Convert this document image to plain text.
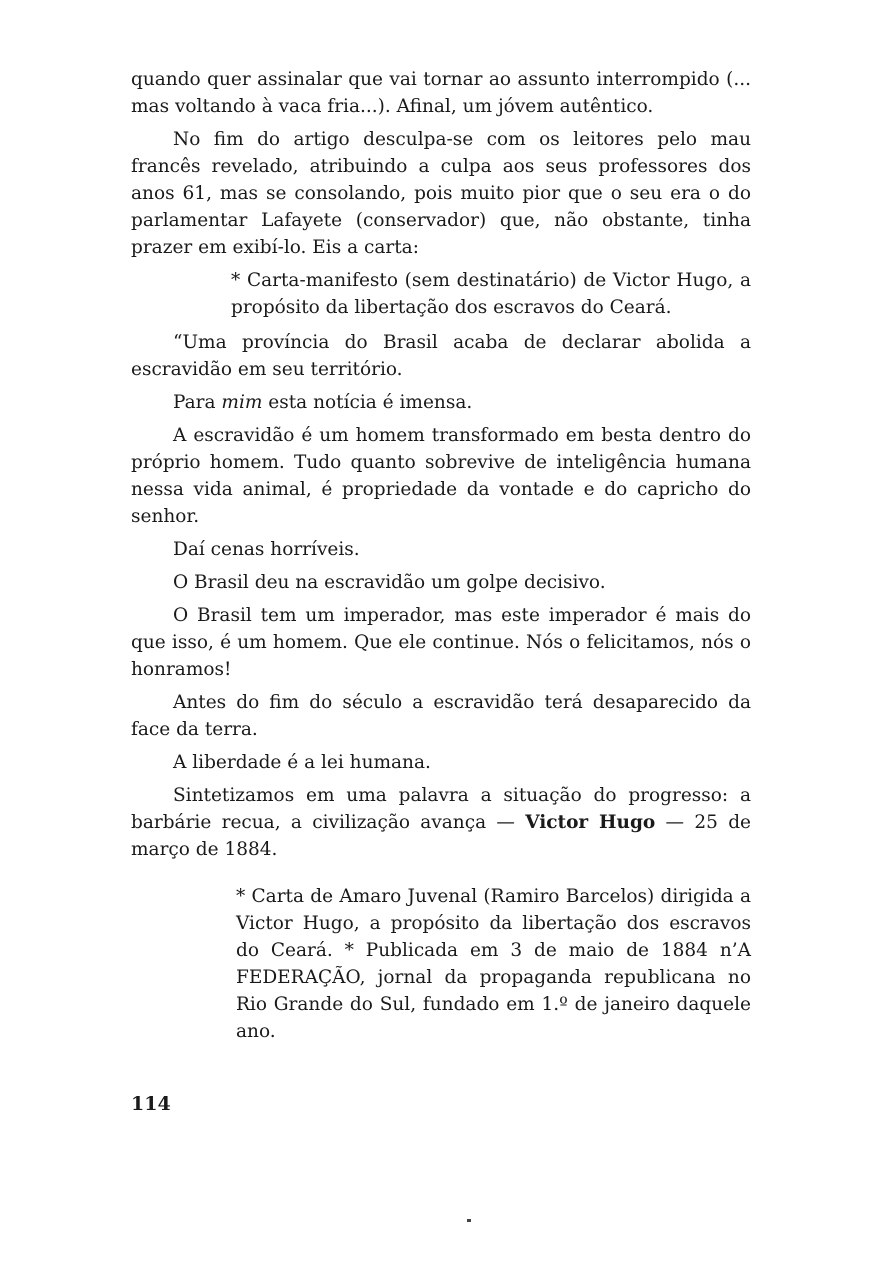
quando quer assinalar que vai tornar ao assunto interrompido (... mas voltando à vaca fria...). Afinal, um jóvem autêntico.

No fim do artigo desculpa-se com os leitores pelo mau francês revelado, atribuindo a culpa aos seus professores dos anos 61, mas se consolando, pois muito pior que o seu era o do parlamentar Lafayete (conservador) que, não obstante, tinha prazer em exibí-lo. Eis a carta:

* Carta-manifesto (sem destinatário) de Victor Hugo, a propósito da libertação dos escravos do Ceará.

“Uma província do Brasil acaba de declarar abolida a escravidão em seu território.

Para mim esta notícia é imensa.

A escravidão é um homem transformado em besta dentro do próprio homem. Tudo quanto sobrevive de inteligência humana nessa vida animal, é propriedade da vontade e do capricho do senhor.

Daí cenas horríveis.

O Brasil deu na escravidão um golpe decisivo.

O Brasil tem um imperador, mas este imperador é mais do que isso, é um homem. Que ele continue. Nós o felicitamos, nós o honramos!

Antes do fim do século a escravidão terá desaparecido da face da terra.

A liberdade é a lei humana.

Sintetizamos em uma palavra a situação do progresso: a barbárie recua, a civilização avança — Victor Hugo — 25 de março de 1884.

* Carta de Amaro Juvenal (Ramiro Barcelos) dirigida a Victor Hugo, a propósito da libertação dos escravos do Ceará. * Publicada em 3 de maio de 1884 n’A FEDERAÇÃO, jornal da propaganda republicana no Rio Grande do Sul, fundado em 1.º de janeiro daquele ano.

114
